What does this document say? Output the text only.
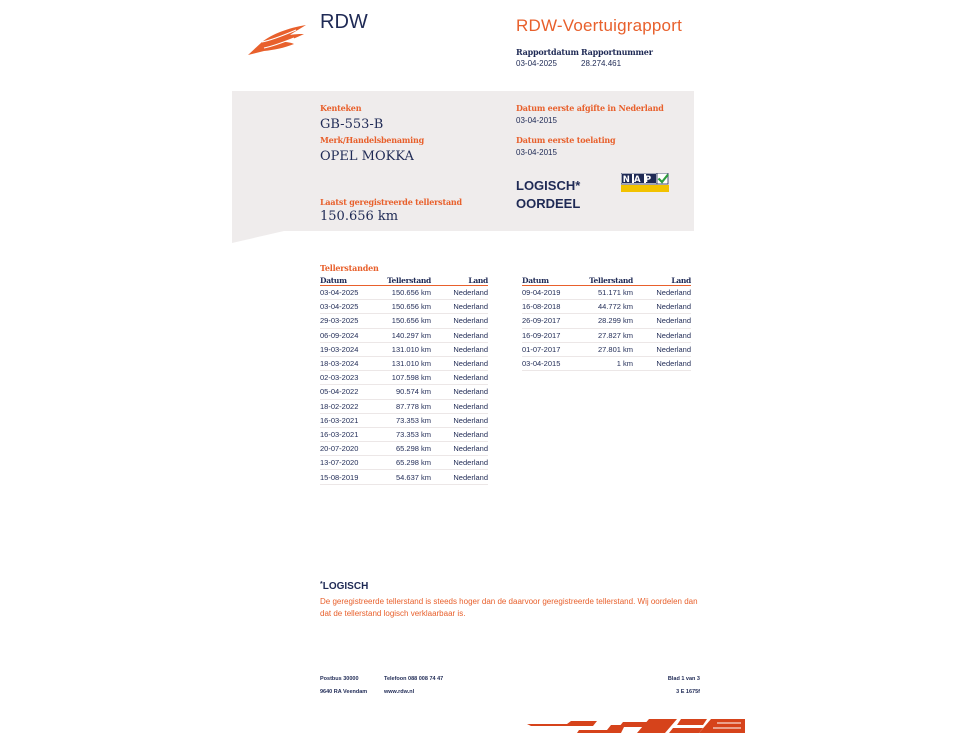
RDW	RDW-Voertuigrapport
Rapportdatum
03-04-2025
Rapportnummer
28.274.461
Kenteken
GB-553-B
Merk/Handelsbenaming
OPEL MOKKA
Laatst geregistreerde tellerstand
150.656 km
Datum eerste afgifte in Nederland
03-04-2015
Datum eerste toelating
03-04-2015
LOGISCH*
OORDEEL
NAP
Tellerstanden
Datum	Tellerstand	Land
03-04-2025	150.656 km	Nederland
03-04-2025	150.656 km	Nederland
29-03-2025	150.656 km	Nederland
06-09-2024	140.297 km	Nederland
19-03-2024	131.010 km	Nederland
18-03-2024	131.010 km	Nederland
02-03-2023	107.598 km	Nederland
05-04-2022	90.574 km	Nederland
18-02-2022	87.778 km	Nederland
16-03-2021	73.353 km	Nederland
16-03-2021	73.353 km	Nederland
20-07-2020	65.298 km	Nederland
13-07-2020	65.298 km	Nederland
15-08-2019	54.637 km	Nederland
Datum	Tellerstand	Land
09-04-2019	51.171 km	Nederland
16-08-2018	44.772 km	Nederland
26-09-2017	28.299 km	Nederland
16-09-2017	27.827 km	Nederland
01-07-2017	27.801 km	Nederland
03-04-2015	1 km	Nederland
*LOGISCH
De geregistreerde tellerstand is steeds hoger dan de daarvoor geregistreerde tellerstand. Wij oordelen dan dat de tellerstand logisch verklaarbaar is.
Postbus 30000
9640 RA Veendam
Telefoon 088 008 74 47
www.rdw.nl
Blad 1 van 3
3 E 1675f
